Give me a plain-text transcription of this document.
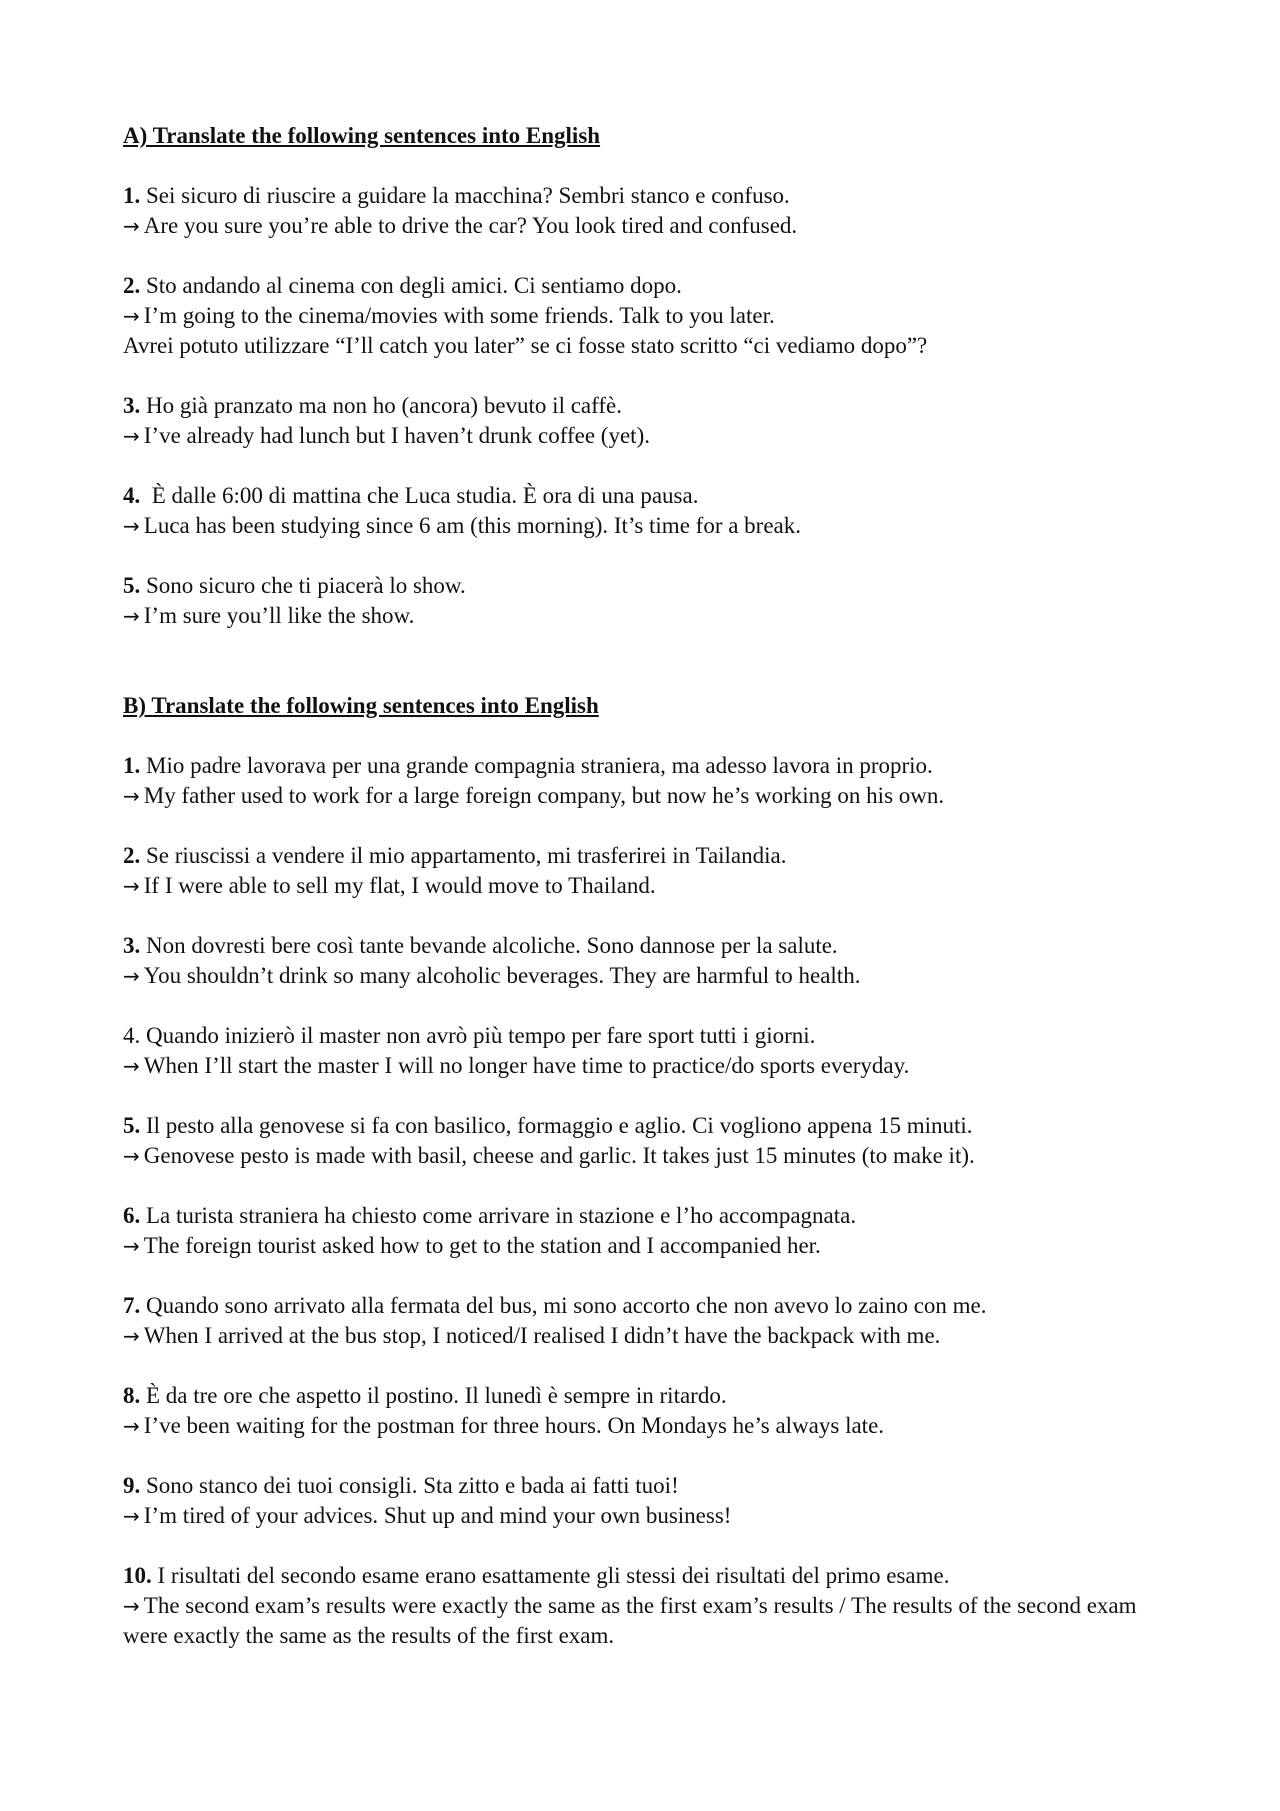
A) Translate the following sentences into English
1. Sei sicuro di riuscire a guidare la macchina? Sembri stanco e confuso.
→ Are you sure you’re able to drive the car? You look tired and confused.
2. Sto andando al cinema con degli amici. Ci sentiamo dopo.
→ I’m going to the cinema/movies with some friends. Talk to you later.
Avrei potuto utilizzare “I’ll catch you later” se ci fosse stato scritto “ci vediamo dopo”?
3. Ho già pranzato ma non ho (ancora) bevuto il caffè.
→ I’ve already had lunch but I haven’t drunk coffee (yet).
4.  È dalle 6:00 di mattina che Luca studia. È ora di una pausa.
→ Luca has been studying since 6 am (this morning). It’s time for a break.
5. Sono sicuro che ti piacerà lo show.
→ I’m sure you’ll like the show.
B) Translate the following sentences into English
1. Mio padre lavorava per una grande compagnia straniera, ma adesso lavora in proprio.
→ My father used to work for a large foreign company, but now he’s working on his own.
2. Se riuscissi a vendere il mio appartamento, mi trasferirei in Tailandia.
→ If I were able to sell my flat, I would move to Thailand.
3. Non dovresti bere così tante bevande alcoliche. Sono dannose per la salute.
→ You shouldn’t drink so many alcoholic beverages. They are harmful to health.
4. Quando inizierò il master non avrò più tempo per fare sport tutti i giorni.
→ When I’ll start the master I will no longer have time to practice/do sports everyday.
5. Il pesto alla genovese si fa con basilico, formaggio e aglio. Ci vogliono appena 15 minuti.
→ Genovese pesto is made with basil, cheese and garlic. It takes just 15 minutes (to make it).
6. La turista straniera ha chiesto come arrivare in stazione e l’ho accompagnata.
→ The foreign tourist asked how to get to the station and I accompanied her.
7. Quando sono arrivato alla fermata del bus, mi sono accorto che non avevo lo zaino con me.
→ When I arrived at the bus stop, I noticed/I realised I didn’t have the backpack with me.
8. È da tre ore che aspetto il postino. Il lunedì è sempre in ritardo.
→ I’ve been waiting for the postman for three hours. On Mondays he’s always late.
9. Sono stanco dei tuoi consigli. Sta zitto e bada ai fatti tuoi!
→ I’m tired of your advices. Shut up and mind your own business!
10. I risultati del secondo esame erano esattamente gli stessi dei risultati del primo esame.
→ The second exam’s results were exactly the same as the first exam’s results / The results of the second exam were exactly the same as the results of the first exam.
